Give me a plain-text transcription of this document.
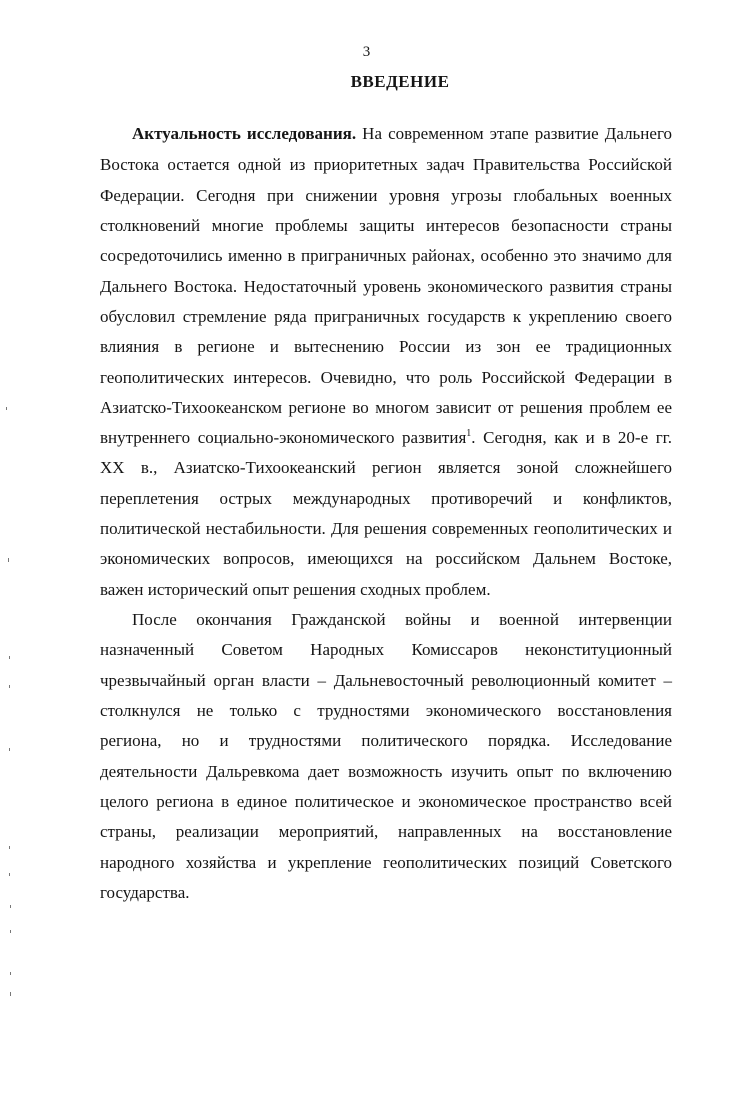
3
ВВЕДЕНИЕ
Актуальность исследования. На современном этапе развитие Дальнего
Востока остается одной из приоритетных задач Правительства Российской
Федерации. Сегодня при снижении уровня угрозы глобальных военных
столкновений многие проблемы защиты интересов безопасности страны
сосредоточились именно в приграничных районах, особенно это значимо для
Дальнего Востока. Недостаточный уровень экономического развития страны
обусловил стремление ряда приграничных государств к укреплению своего
влияния в регионе и вытеснению России из зон ее традиционных
геополитических интересов. Очевидно, что роль Российской Федерации в
Азиатско-Тихоокеанском регионе во многом зависит от решения проблем ее
внутреннего социально-экономического развития$^1$. Сегодня, как и в 20-е гг.
XX в., Азиатско-Тихоокеанский регион является зоной сложнейшего
переплетения острых международных противоречий и конфликтов,
политической нестабильности. Для решения современных геополитических и
экономических вопросов, имеющихся на российском Дальнем Востоке,
важен исторический опыт решения сходных проблем.
После окончания Гражданской войны и военной интервенции
назначенный Советом Народных Комиссаров неконституционный
чрезвычайный орган власти – Дальневосточный революционный комитет –
столкнулся не только с трудностями экономического восстановления
региона, но и трудностями политического порядка. Исследование
деятельности Дальревкома дает возможность изучить опыт по включению
целого региона в единое политическое и экономическое пространство всей
страны, реализации мероприятий, направленных на восстановление
народного хозяйства и укрепление геополитических позиций Советского
государства.
